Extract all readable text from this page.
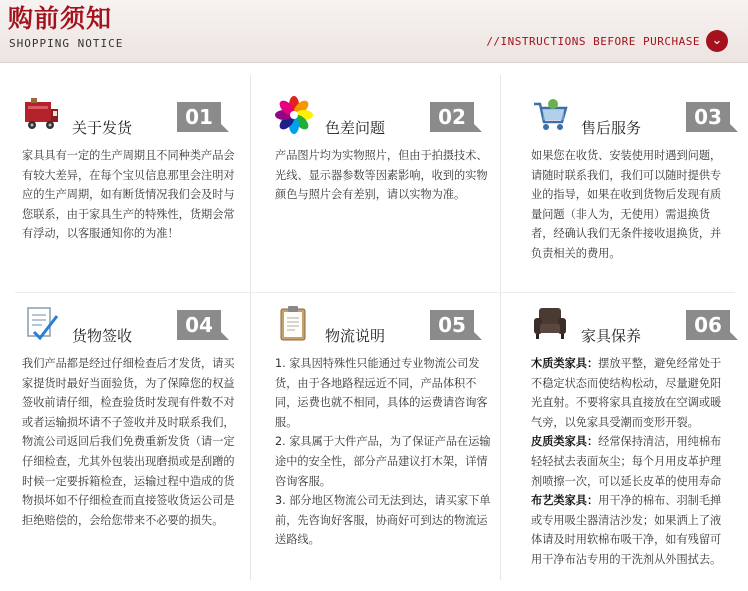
购前须知
SHOPPING NOTICE	//INSTRUCTIONS BEFORE PURCHASE ⌄
关于发货	01
家具具有一定的生产周期且不同种类产品会有较大差异，在每个宝贝信息那里会注明对应的生产周期，如有断货情况我们会及时与您联系，由于家具生产的特殊性，货期会常有浮动，以客服通知你的为准！
色差问题	02
产品图片均为实物照片，但由于拍摄技术、光线、显示器参数等因素影响，收到的实物颜色与照片会有差别，请以实物为准。
售后服务	03
如果您在收货、安装使用时遇到问题，请随时联系我们，我们可以随时提供专业的指导，如果在收到货物后发现有质量问题（非人为，无使用）需退换货者，经确认我们无条件接收退换货，并负责相关的费用。
货物签收	04
我们产品都是经过仔细检查后才发货，请买家提货时最好当面验货，为了保障您的权益签收前请仔细，检查验货时发现有件数不对或者运输损坏请不子签收并及时联系我们，物流公司返回后我们免费重新发货（请一定仔细检查，尤其外包装出现磨损或是刮蹭的时候一定要拆箱检查，运输过程中造成的货物损坏如不仔细检查而直接签收货运公司是拒绝赔偿的，会给您带来不必要的损失。
物流说明	05

1. 家具因特殊性只能通过专业物流公司发货，由于各地路程远近不同，产品体积不同，运费也就不相同，具体的运费请咨询客服。

2. 家具属于大件产品，为了保证产品在运输途中的安全性，部分产品建议打木架，详情咨询客服。

3. 部分地区物流公司无法到达，请买家下单前，先咨询好客服，协商好可到达的物流运送路线。

家具保养	06

木质类家具：摆放平整，避免经常处于不稳定状态而使结构松动，尽量避免阳光直射。不要将家具直接放在空调或暖气旁，以免家具受潮而变形开裂。

皮质类家具：经常保持清洁，用纯棉布轻轻拭去表面灰尘；每个月用皮革护理剂喷擦一次，可以延长皮革的使用寿命

布艺类家具：用干净的棉布、羽制毛掸或专用吸尘器清洁沙发；如果洒上了液体请及时用软棉布吸干净，如有残留可用干净布沾专用的干洗剂从外围拭去。
